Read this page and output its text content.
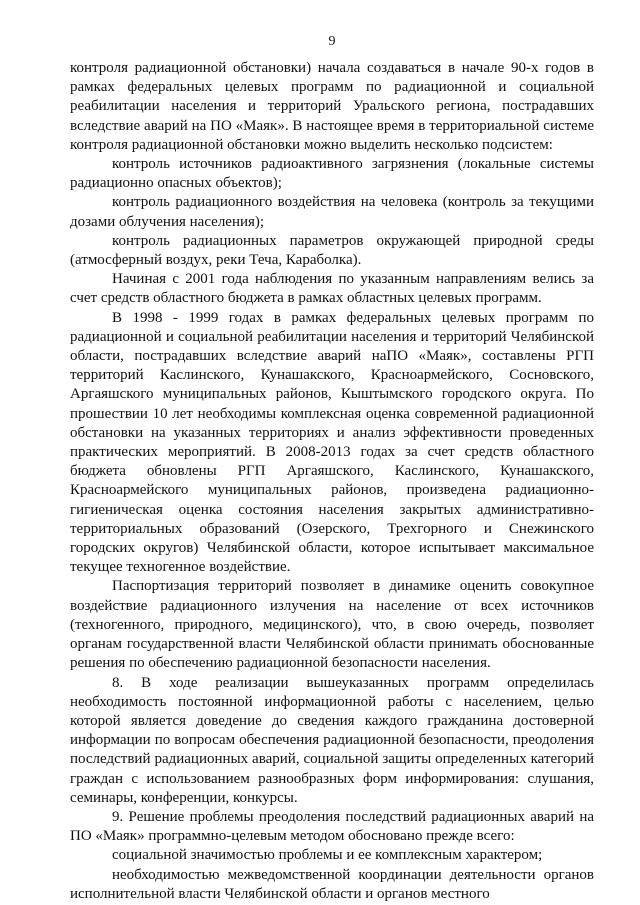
9

контроля радиационной обстановки) начала создаваться в начале 90-х годов в рамках федеральных целевых программ по радиационной и социальной реабилитации населения и территорий Уральского региона, пострадавших вследствие аварий на ПО «Маяк». В настоящее время в территориальной системе контроля радиационной обстановки можно выделить несколько подсистем:

контроль источников радиоактивного загрязнения (локальные системы радиационно опасных объектов);

контроль радиационного воздействия на человека (контроль за текущими дозами облучения населения);

контроль радиационных параметров окружающей природной среды (атмосферный воздух, реки Теча, Караболка).

Начиная с 2001 года наблюдения по указанным направлениям велись за счет средств областного бюджета в рамках областных целевых программ.

В 1998 - 1999 годах в рамках федеральных целевых программ по радиационной и социальной реабилитации населения и территорий Челябинской области, пострадавших вследствие аварий наПО «Маяк», составлены РГП территорий Каслинского, Кунашакского, Красноармейского, Сосновского, Аргаяшского муниципальных районов, Кыштымского городского округа. По прошествии 10 лет необходимы комплексная оценка современной радиационной обстановки на указанных территориях и анализ эффективности проведенных практических мероприятий. В 2008-2013 годах за счет средств областного бюджета обновлены РГП Аргаяшского, Каслинского, Кунашакского, Красноармейского муниципальных районов, произведена радиационно-гигиеническая оценка состояния населения закрытых административно-территориальных образований (Озерского, Трехгорного и Снежинского городских округов) Челябинской области, которое испытывает максимальное текущее техногенное воздействие.

Паспортизация территорий позволяет в динамике оценить совокупное воздействие радиационного излучения на население от всех источников (техногенного, природного, медицинского), что, в свою очередь, позволяет органам государственной власти Челябинской области принимать обоснованные решения по обеспечению радиационной безопасности населения.

8. В ходе реализации вышеуказанных программ определилась необходимость постоянной информационной работы с населением, целью которой является доведение до сведения каждого гражданина достоверной информации по вопросам обеспечения радиационной безопасности, преодоления последствий радиационных аварий, социальной защиты определенных категорий граждан с использованием разнообразных форм информирования: слушания, семинары, конференции, конкурсы.

9. Решение проблемы преодоления последствий радиационных аварий на ПО «Маяк» программно-целевым методом обосновано прежде всего:

социальной значимостью проблемы и ее комплексным характером;

необходимостью межведомственной координации деятельности органов исполнительной власти Челябинской области и органов местного
